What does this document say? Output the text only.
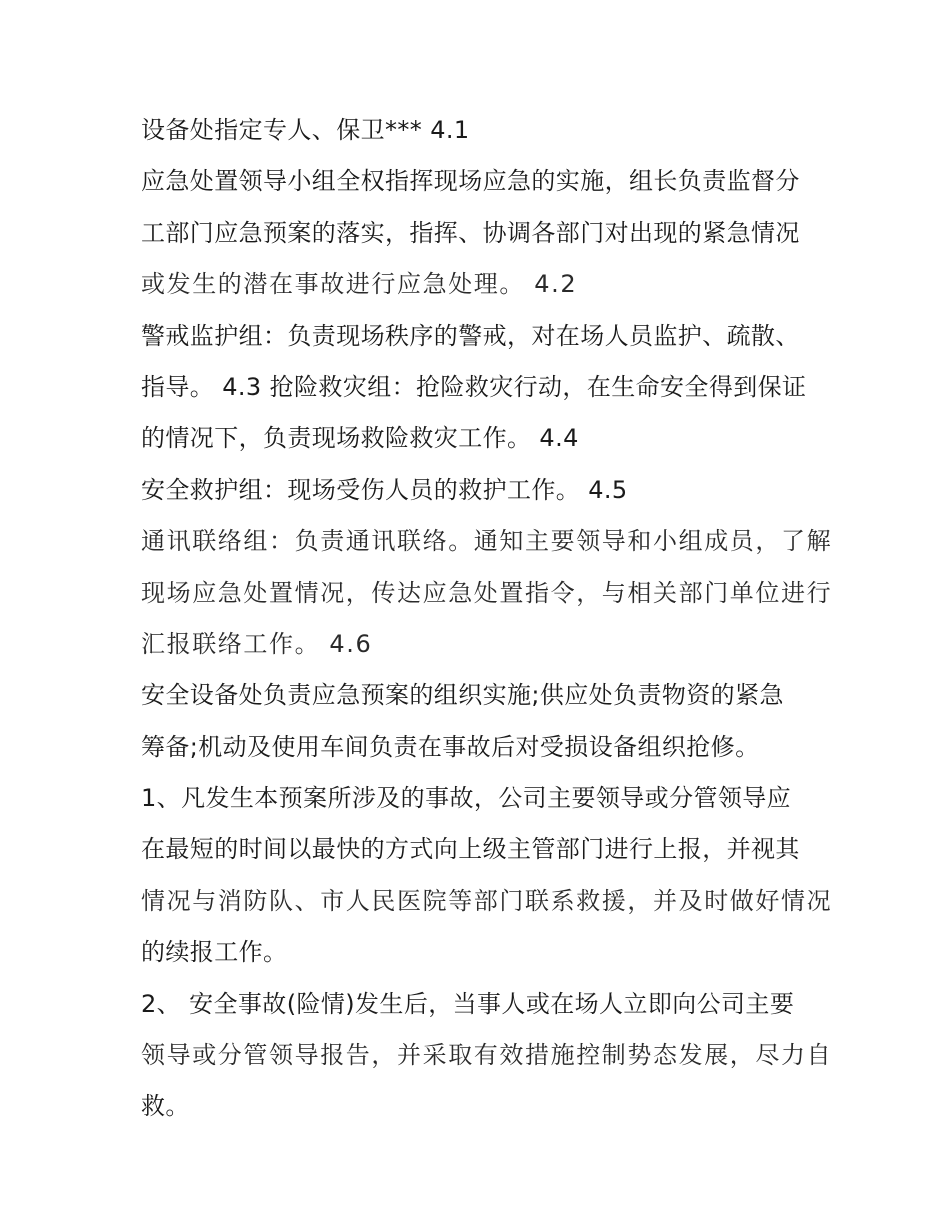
设备处指定专人、保卫*** 4.1
应急处置领导小组全权指挥现场应急的实施，组长负责监督分
工部门应急预案的落实，指挥、协调各部门对出现的紧急情况
或发生的潜在事故进行应急处理。 4.2
警戒监护组：负责现场秩序的警戒，对在场人员监护、疏散、
指导。 4.3 抢险救灾组：抢险救灾行动，在生命安全得到保证
的情况下，负责现场救险救灾工作。 4.4
安全救护组：现场受伤人员的救护工作。 4.5
通讯联络组：负责通讯联络。通知主要领导和小组成员，了解
现场应急处置情况，传达应急处置指令，与相关部门单位进行
汇报联络工作。 4.6
安全设备处负责应急预案的组织实施;供应处负责物资的紧急
筹备;机动及使用车间负责在事故后对受损设备组织抢修。
1、凡发生本预案所涉及的事故，公司主要领导或分管领导应
在最短的时间以最快的方式向上级主管部门进行上报，并视其
情况与消防队、市人民医院等部门联系救援，并及时做好情况
的续报工作。
2、 安全事故(险情)发生后，当事人或在场人立即向公司主要
领导或分管领导报告，并采取有效措施控制势态发展，尽力自
救。
